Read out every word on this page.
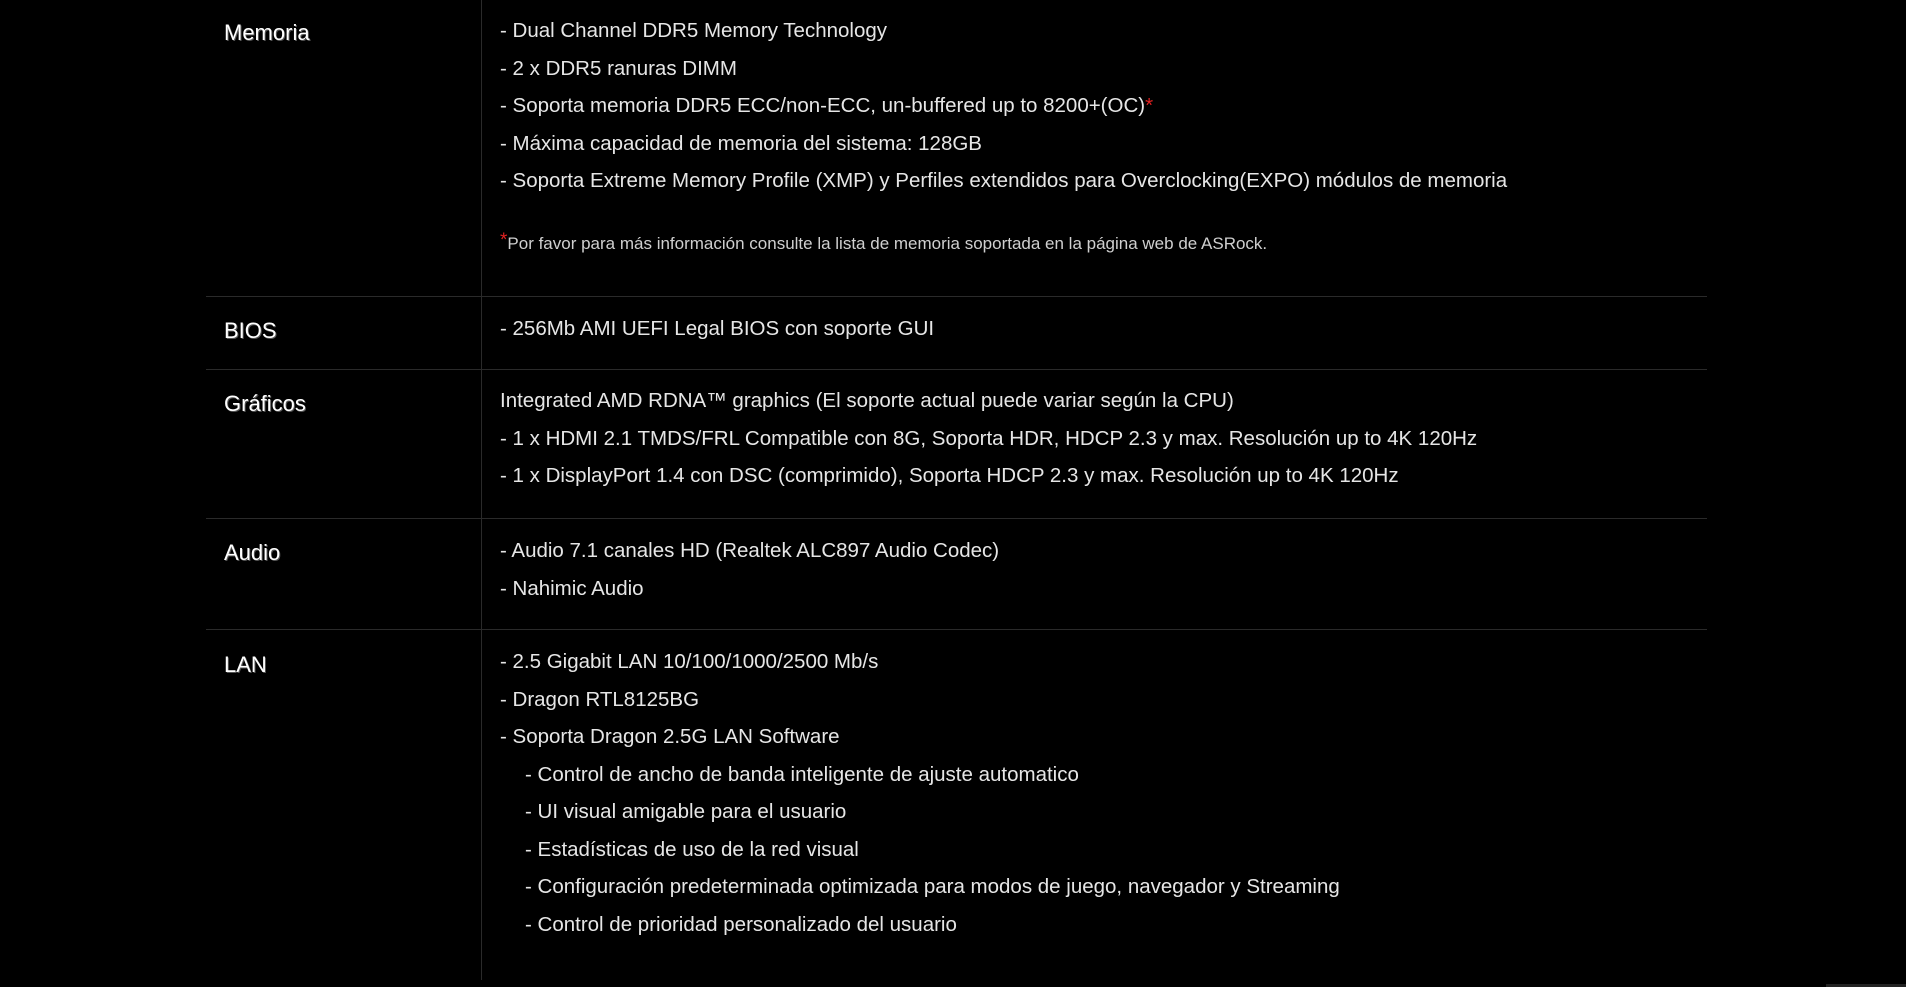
Memoria	- Dual Channel DDR5 Memory Technology
- 2 x DDR5 ranuras DIMM
- Soporta memoria DDR5 ECC/non-ECC, un-buffered up to 8200+(OC)*
- Máxima capacidad de memoria del sistema: 128GB
- Soporta Extreme Memory Profile (XMP) y Perfiles extendidos para Overclocking(EXPO) módulos de memoria
*Por favor para más información consulte la lista de memoria soportada en la página web de ASRock.
BIOS	- 256Mb AMI UEFI Legal BIOS con soporte GUI
Gráficos	Integrated AMD RDNA™ graphics (El soporte actual puede variar según la CPU)
- 1 x HDMI 2.1 TMDS/FRL Compatible con 8G, Soporta HDR, HDCP 2.3 y max. Resolución up to 4K 120Hz
- 1 x DisplayPort 1.4 con DSC (comprimido), Soporta HDCP 2.3 y max. Resolución up to 4K 120Hz
Audio	- Audio 7.1 canales HD (Realtek ALC897 Audio Codec)
- Nahimic Audio
LAN	- 2.5 Gigabit LAN 10/100/1000/2500 Mb/s
- Dragon RTL8125BG
- Soporta Dragon 2.5G LAN Software
- Control de ancho de banda inteligente de ajuste automatico
- UI visual amigable para el usuario
- Estadísticas de uso de la red visual
- Configuración predeterminada optimizada para modos de juego, navegador y Streaming
- Control de prioridad personalizado del usuario
